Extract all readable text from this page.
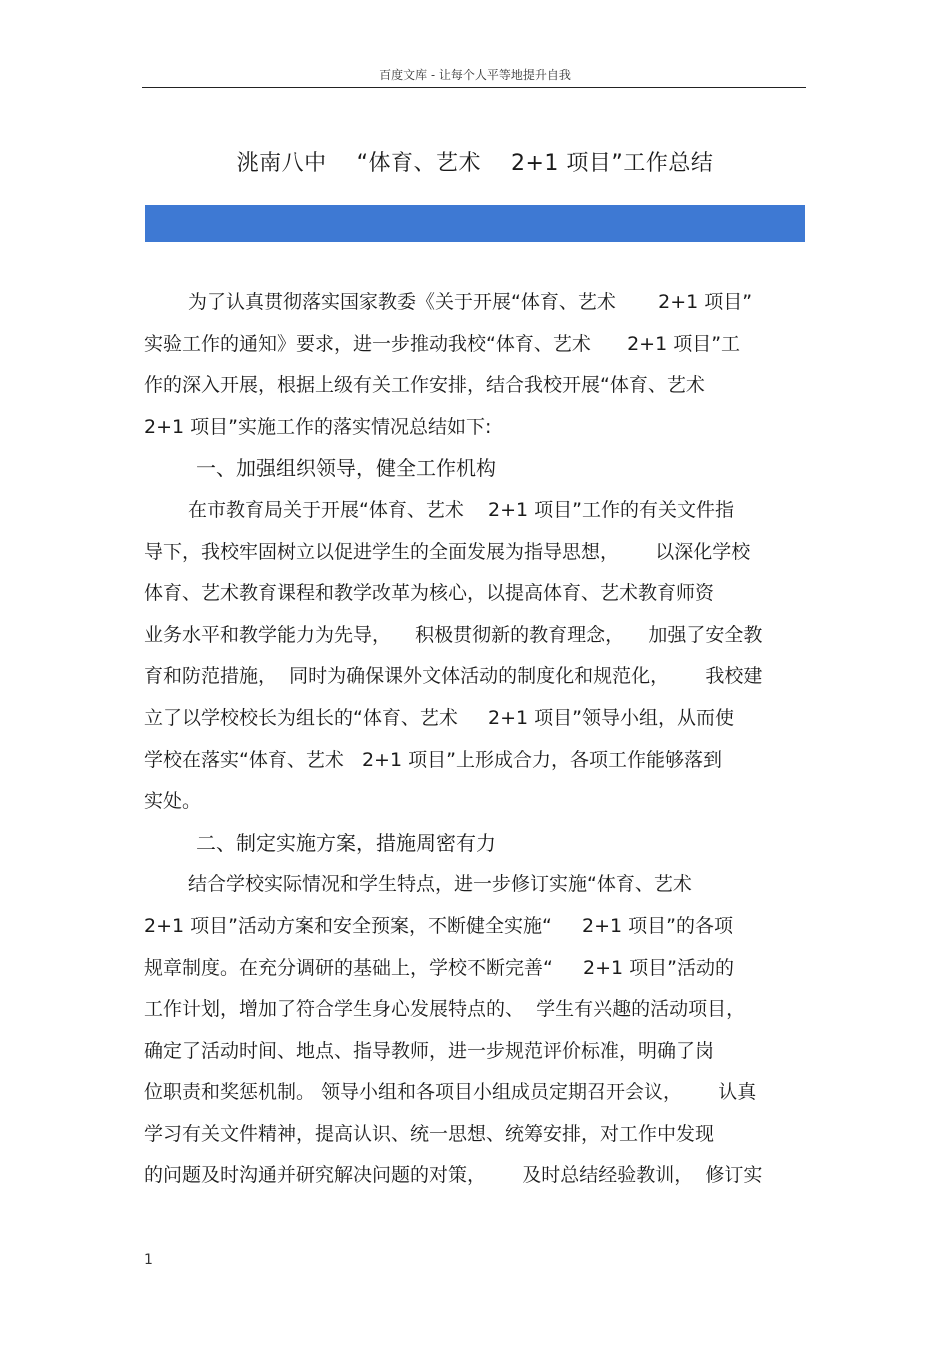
百度文库 - 让每个人平等地提升自我
洮南八中    “体育、艺术    2+1 项目”工作总结
为了认真贯彻落实国家教委《关于开展“体育、艺术       2+1 项目”
实验工作的通知》要求，进一步推动我校“体育、艺术      2+1 项目”工
作的深入开展，根据上级有关工作安排，结合我校开展“体育、艺术
2+1 项目”实施工作的落实情况总结如下:
一、加强组织领导，健全工作机构
在市教育局关于开展“体育、艺术    2+1 项目”工作的有关文件指
导下，我校牢固树立以促进学生的全面发展为指导思想，      以深化学校
体育、艺术教育课程和教学改革为核心，以提高体育、艺术教育师资
业务水平和教学能力为先导，    积极贯彻新的教育理念，    加强了安全教
育和防范措施，  同时为确保课外文体活动的制度化和规范化，      我校建
立了以学校校长为组长的“体育、艺术     2+1 项目”领导小组，从而使
学校在落实“体育、艺术   2+1 项目”上形成合力，各项工作能够落到
实处。
二、制定实施方案，措施周密有力
结合学校实际情况和学生特点，进一步修订实施“体育、艺术
2+1 项目”活动方案和安全预案，不断健全实施“     2+1 项目”的各项
规章制度。在充分调研的基础上，学校不断完善“     2+1 项目”活动的
工作计划，增加了符合学生身心发展特点的、  学生有兴趣的活动项目，
确定了活动时间、地点、指导教师，进一步规范评价标准，明确了岗
位职责和奖惩机制。 领导小组和各项目小组成员定期召开会议，      认真
学习有关文件精神，提高认识、统一思想、统筹安排，对工作中发现
的问题及时沟通并研究解决问题的对策，      及时总结经验教训，  修订实
1
